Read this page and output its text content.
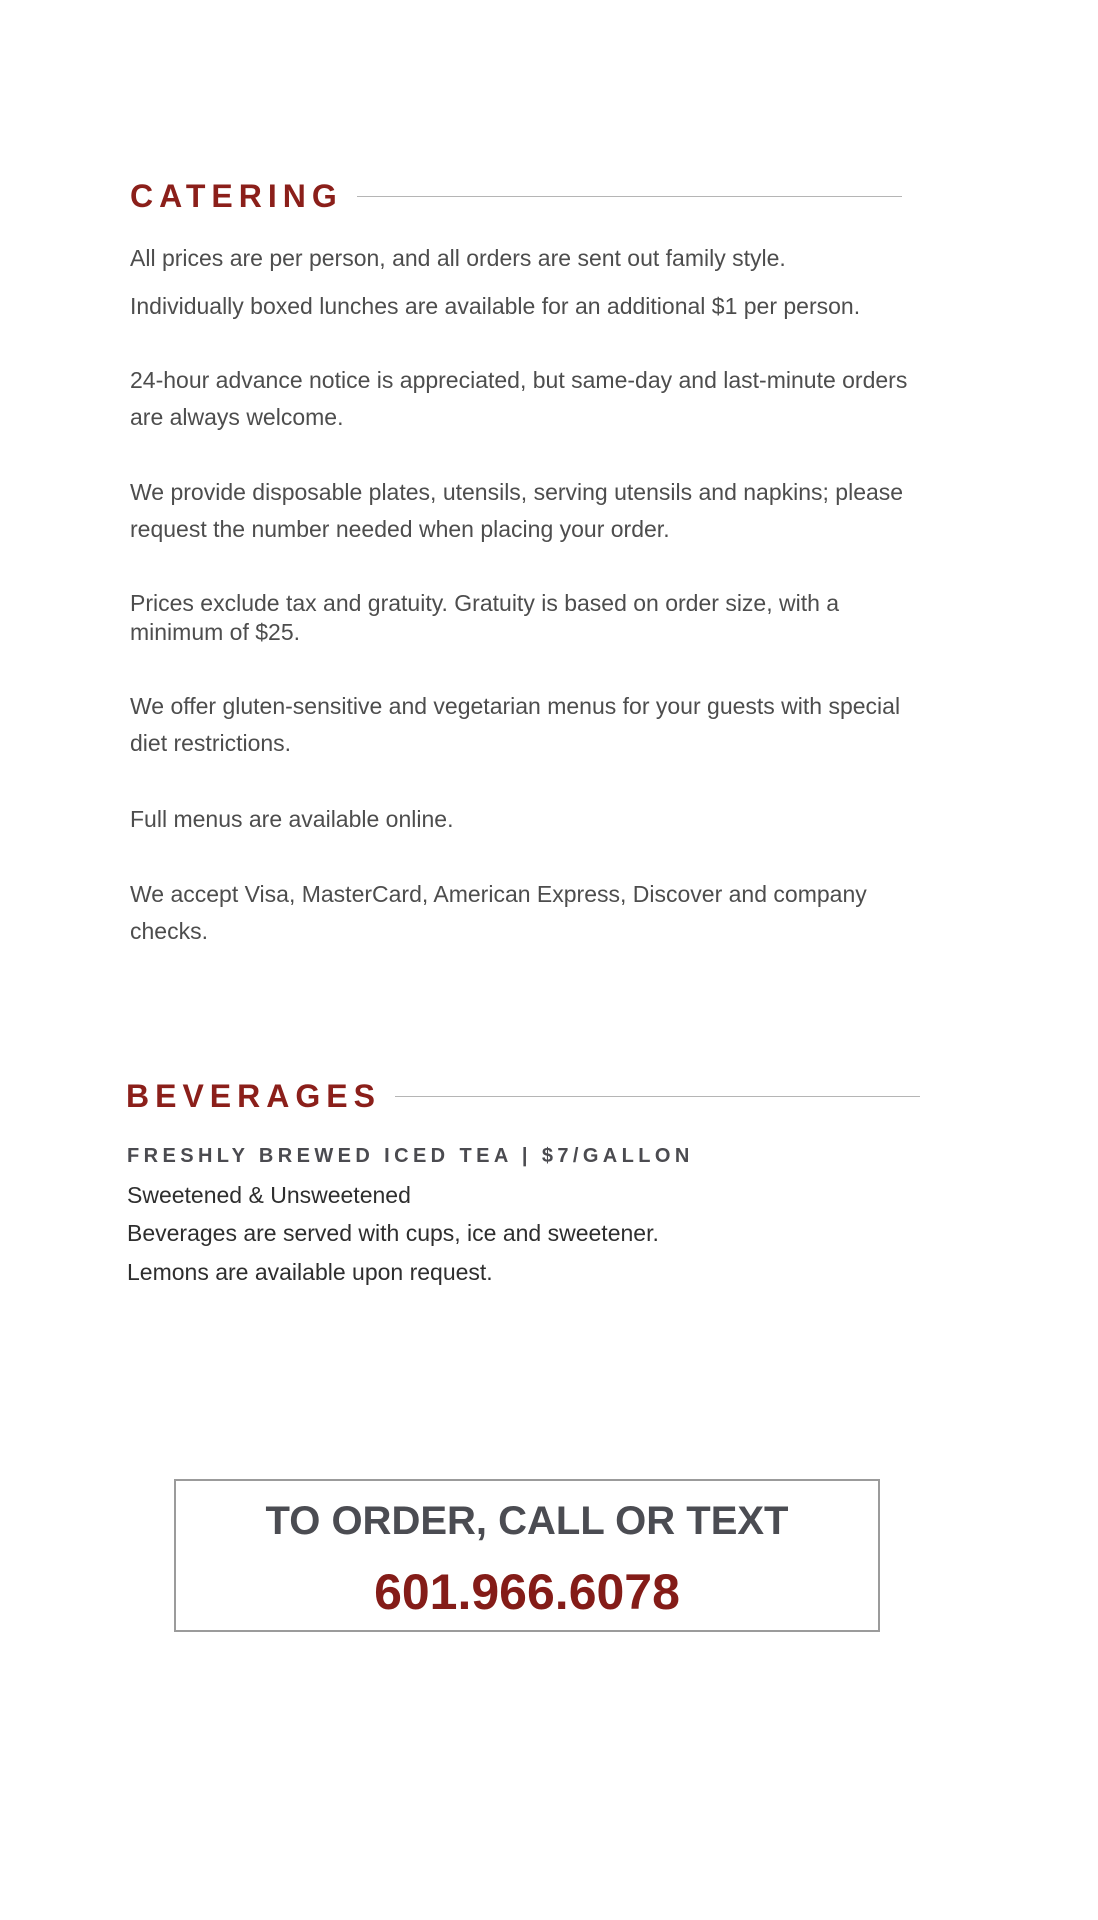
CATERING
All prices are per person, and all orders are sent out family style.
Individually boxed lunches are available for an additional $1 per person.
24-hour advance notice is appreciated, but same-day and last-minute orders are always welcome.
We provide disposable plates, utensils, serving utensils and napkins; please request the number needed when placing your order.
Prices exclude tax and gratuity. Gratuity is based on order size, with a minimum of $25.
We offer gluten-sensitive and vegetarian menus for your guests with special diet restrictions.
Full menus are available online.
We accept Visa, MasterCard, American Express, Discover and company checks.
BEVERAGES
FRESHLY BREWED ICED TEA | $7/GALLON
Sweetened & Unsweetened
Beverages are served with cups, ice and sweetener.
Lemons are available upon request.
TO ORDER, CALL OR TEXT
601.966.6078
